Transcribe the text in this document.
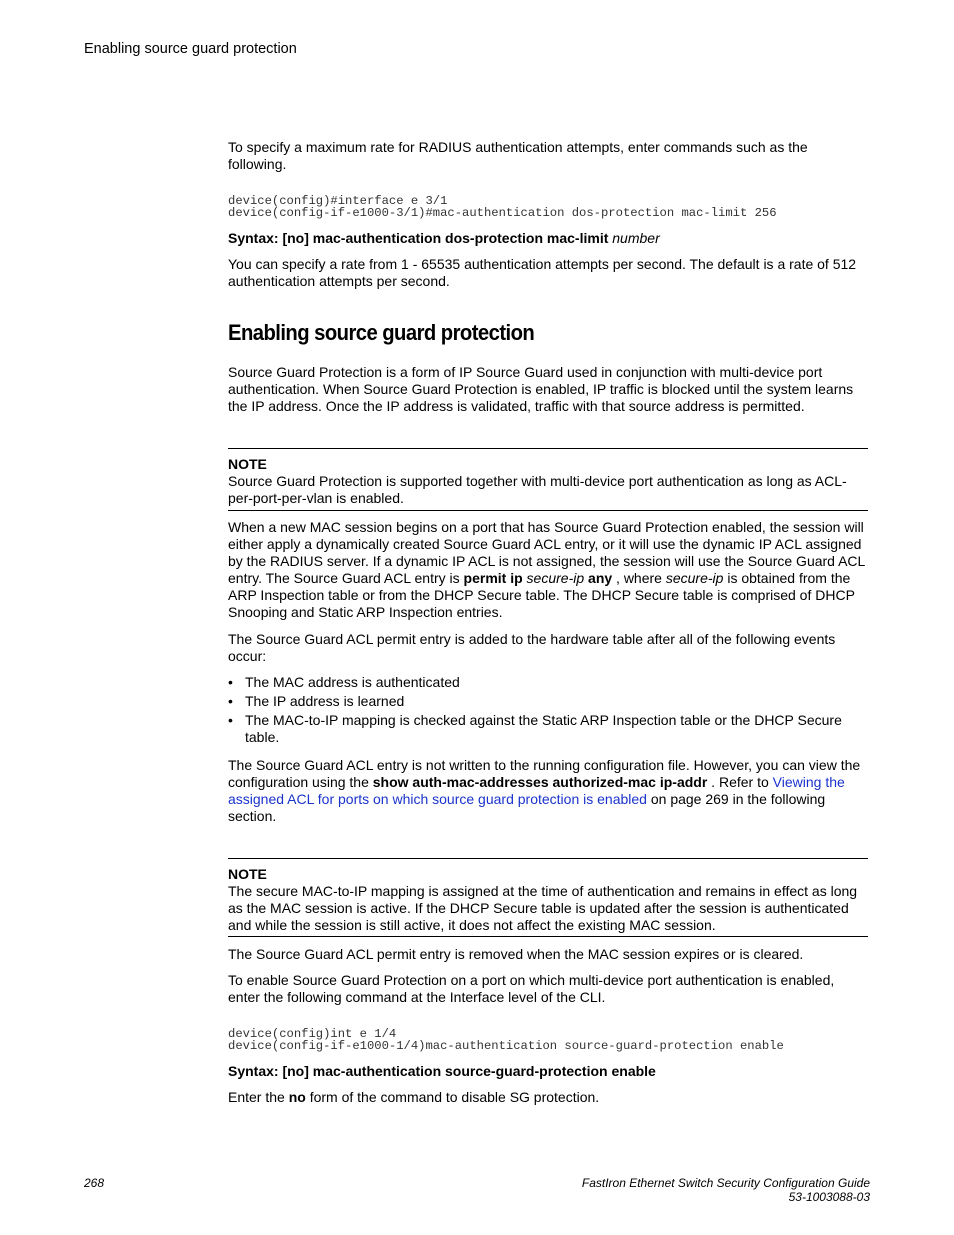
Enabling source guard protection

To specify a maximum rate for RADIUS authentication attempts, enter commands such as the following.

device(config)#interface e 3/1
device(config-if-e1000-3/1)#mac-authentication dos-protection mac-limit 256

Syntax: [no] mac-authentication dos-protection mac-limit number

You can specify a rate from 1 - 65535 authentication attempts per second. The default is a rate of 512 authentication attempts per second.

Enabling source guard protection

Source Guard Protection is a form of IP Source Guard used in conjunction with multi-device port authentication. When Source Guard Protection is enabled, IP traffic is blocked until the system learns the IP address. Once the IP address is validated, traffic with that source address is permitted.

NOTE

Source Guard Protection is supported together with multi-device port authentication as long as ACL-per-port-per-vlan is enabled.

When a new MAC session begins on a port that has Source Guard Protection enabled, the session will either apply a dynamically created Source Guard ACL entry, or it will use the dynamic IP ACL assigned by the RADIUS server. If a dynamic IP ACL is not assigned, the session will use the Source Guard ACL entry. The Source Guard ACL entry is permit ip secure-ip any , where secure-ip is obtained from the ARP Inspection table or from the DHCP Secure table. The DHCP Secure table is comprised of DHCP Snooping and Static ARP Inspection entries.

The Source Guard ACL permit entry is added to the hardware table after all of the following events occur:

• The MAC address is authenticated
• The IP address is learned
• The MAC-to-IP mapping is checked against the Static ARP Inspection table or the DHCP Secure table.

The Source Guard ACL entry is not written to the running configuration file. However, you can view the configuration using the show auth-mac-addresses authorized-mac ip-addr . Refer to Viewing the assigned ACL for ports on which source guard protection is enabled on page 269 in the following section.

NOTE

The secure MAC-to-IP mapping is assigned at the time of authentication and remains in effect as long as the MAC session is active. If the DHCP Secure table is updated after the session is authenticated and while the session is still active, it does not affect the existing MAC session.

The Source Guard ACL permit entry is removed when the MAC session expires or is cleared.

To enable Source Guard Protection on a port on which multi-device port authentication is enabled, enter the following command at the Interface level of the CLI.

device(config)int e 1/4
device(config-if-e1000-1/4)mac-authentication source-guard-protection enable

Syntax: [no] mac-authentication source-guard-protection enable

Enter the no form of the command to disable SG protection.

268	FastIron Ethernet Switch Security Configuration Guide
53-1003088-03
